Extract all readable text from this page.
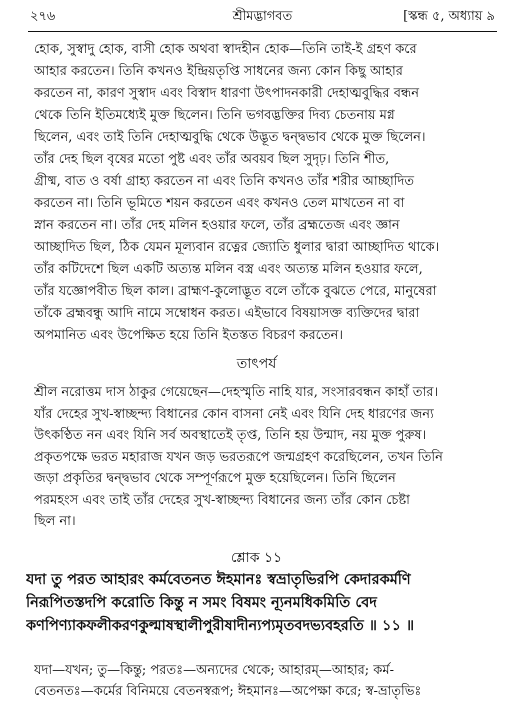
২৭৬	শ্রীমদ্ভাগবত	[স্কন্ধ ৫, অধ্যায় ৯
হোক, সুস্বাদু হোক, বাসী হোক অথবা স্বাদহীন হোক—তিনি তাই-ই গ্রহণ করে
আহার করতেন। তিনি কখনও ইন্দ্রিয়তৃপ্তি সাধনের জন্য কোন কিছু আহার
করতেন না, কারণ সুস্বাদ এবং বিস্বাদ ধারণা উৎপাদনকারী দেহাত্মবুদ্ধির বন্ধন
থেকে তিনি ইতিমধ্যেই মুক্ত ছিলেন। তিনি ভগবদ্ভক্তির দিব্য চেতনায় মগ্ন
ছিলেন, এবং তাই তিনি দেহাত্মবুদ্ধি থেকে উদ্ভূত দ্বন্দ্বভাব থেকে মুক্ত ছিলেন।
তাঁর দেহ ছিল বৃষের মতো পুষ্ট এবং তাঁর অবয়ব ছিল সুদৃঢ়। তিনি শীত,
গ্রীষ্ম, বাত ও বর্ষা গ্রাহ্য করতেন না এবং তিনি কখনও তাঁর শরীর আচ্ছাদিত
করতেন না। তিনি ভূমিতে শয়ন করতেন এবং কখনও তেল মাখতেন না বা
স্নান করতেন না। তাঁর দেহ মলিন হওয়ার ফলে, তাঁর ব্রহ্মতেজ এবং জ্ঞান
আচ্ছাদিত ছিল, ঠিক যেমন মূল্যবান রত্নের জ্যোতি ধুলার দ্বারা আচ্ছাদিত থাকে।
তাঁর কটিদেশে ছিল একটি অত্যন্ত মলিন বস্ত্র এবং অত্যন্ত মলিন হওয়ার ফলে,
তাঁর যজ্ঞোপবীত ছিল কাল। ব্রাহ্মণ-কুলোদ্ভূত বলে তাঁকে বুঝতে পেরে, মানুষেরা
তাঁকে ব্রহ্মবন্ধু আদি নামে সম্বোধন করত। এইভাবে বিষয়াসক্ত ব্যক্তিদের দ্বারা
অপমানিত এবং উপেক্ষিত হয়ে তিনি ইতস্তত বিচরণ করতেন।
তাৎপর্য
শ্রীল নরোত্তম দাস ঠাকুর গেয়েছেন—দেহস্মৃতি নাহি যার, সংসারবন্ধন কাহাঁ তার।
যাঁর দেহের সুখ-স্বাচ্ছন্দ্য বিধানের কোন বাসনা নেই এবং যিনি দেহ ধারণের জন্য
উৎকণ্ঠিত নন এবং যিনি সর্ব অবস্থাতেই তৃপ্ত, তিনি হয় উন্মাদ, নয় মুক্ত পুরুষ।
প্রকৃতপক্ষে ভরত মহারাজ যখন জড় ভরতরূপে জন্মগ্রহণ করেছিলেন, তখন তিনি
জড়া প্রকৃতির দ্বন্দ্বভাব থেকে সম্পূর্ণরূপে মুক্ত হয়েছিলেন। তিনি ছিলেন
পরমহংস এবং তাই তাঁর দেহের সুখ-স্বাচ্ছন্দ্য বিধানের জন্য তাঁর কোন চেষ্টা
ছিল না।
শ্লোক ১১
যদা তু পরত আহারং কর্মবেতনত ঈহমানঃ স্বভ্রাতৃভিরপি কেদারকর্মণি
নিরূপিতস্তদপি করোতি কিন্তু ন সমং বিষমং ন্যূনমধিকমিতি বেদ
কণপিণ্যাকফলীকরণকুল্মাষস্থালীপুরীষাদীন্যপ্যমৃতবদভ্যবহরতি ॥ ১১ ॥
যদা—যখন; তু—কিন্তু; পরতঃ—অন্যদের থেকে; আহারম্—আহার; কর্ম-
বেতনতঃ—কর্মের বিনিময়ে বেতনস্বরূপ; ঈহমানঃ—অপেক্ষা করে; স্ব-ভ্রাতৃভিঃ
